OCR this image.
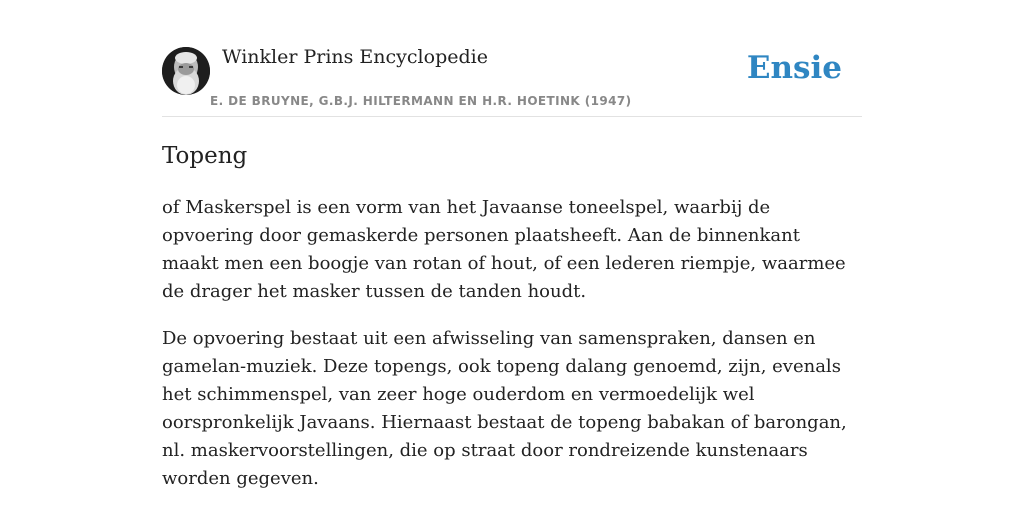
Winkler Prins Encyclopedie
E. DE BRUYNE, G.B.J. HILTERMANN EN H.R. HOETINK (1947)
Ensie
Topeng

of Maskerspel is een vorm van het Javaanse toneelspel, waarbij de opvoering door gemaskerde personen plaatsheeft. Aan de binnenkant maakt men een boogje van rotan of hout, of een lederen riempje, waarmee de drager het masker tussen de tanden houdt.

De opvoering bestaat uit een afwisseling van samenspraken, dansen en gamelan-muziek. Deze topengs, ook topeng dalang genoemd, zijn, evenals het schimmenspel, van zeer hoge ouderdom en vermoedelijk wel oorspronkelijk Javaans. Hiernaast bestaat de topeng babakan of barongan, nl. maskervoorstellingen, die op straat door rondreizende kunstenaars worden gegeven.
